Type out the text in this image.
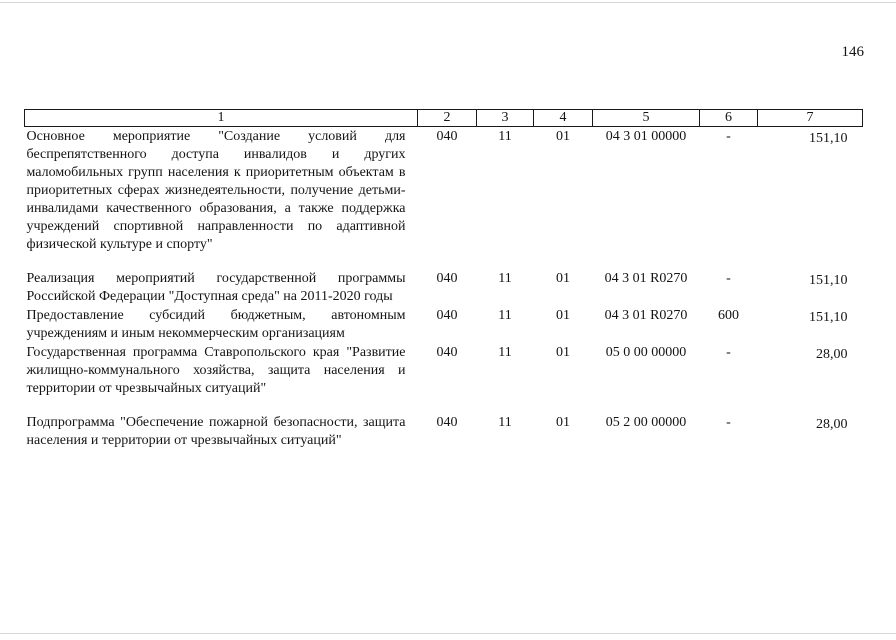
146
1	2	3	4	5	6	7
Основное мероприятие "Создание условий для беспрепятственного доступа инвалидов и других маломобильных групп населения к приоритетным объектам в приоритетных сферах жизнедеятельности, получение детьми-инвалидами качественного образования, а также поддержка учреждений спортивной направленности по адаптивной физической культуре и спорту"	040	11	01	04 3 01 00000	-	151,10

Реализация мероприятий государственной программы Российской Федерации "Доступная среда" на 2011-2020 годы	040	11	01	04 3 01 R0270	-	151,10
Предоставление субсидий бюджетным, автономным учреждениям и иным некоммерческим организациям	040	11	01	04 3 01 R0270	600	151,10
Государственная программа Ставропольского края "Развитие жилищно-коммунального хозяйства, защита населения и территории от чрезвычайных ситуаций"	040	11	01	05 0 00 00000	-	28,00

Подпрограмма "Обеспечение пожарной безопасности, защита населения и территории от чрезвычайных ситуаций"	040	11	01	05 2 00 00000	-	28,00
